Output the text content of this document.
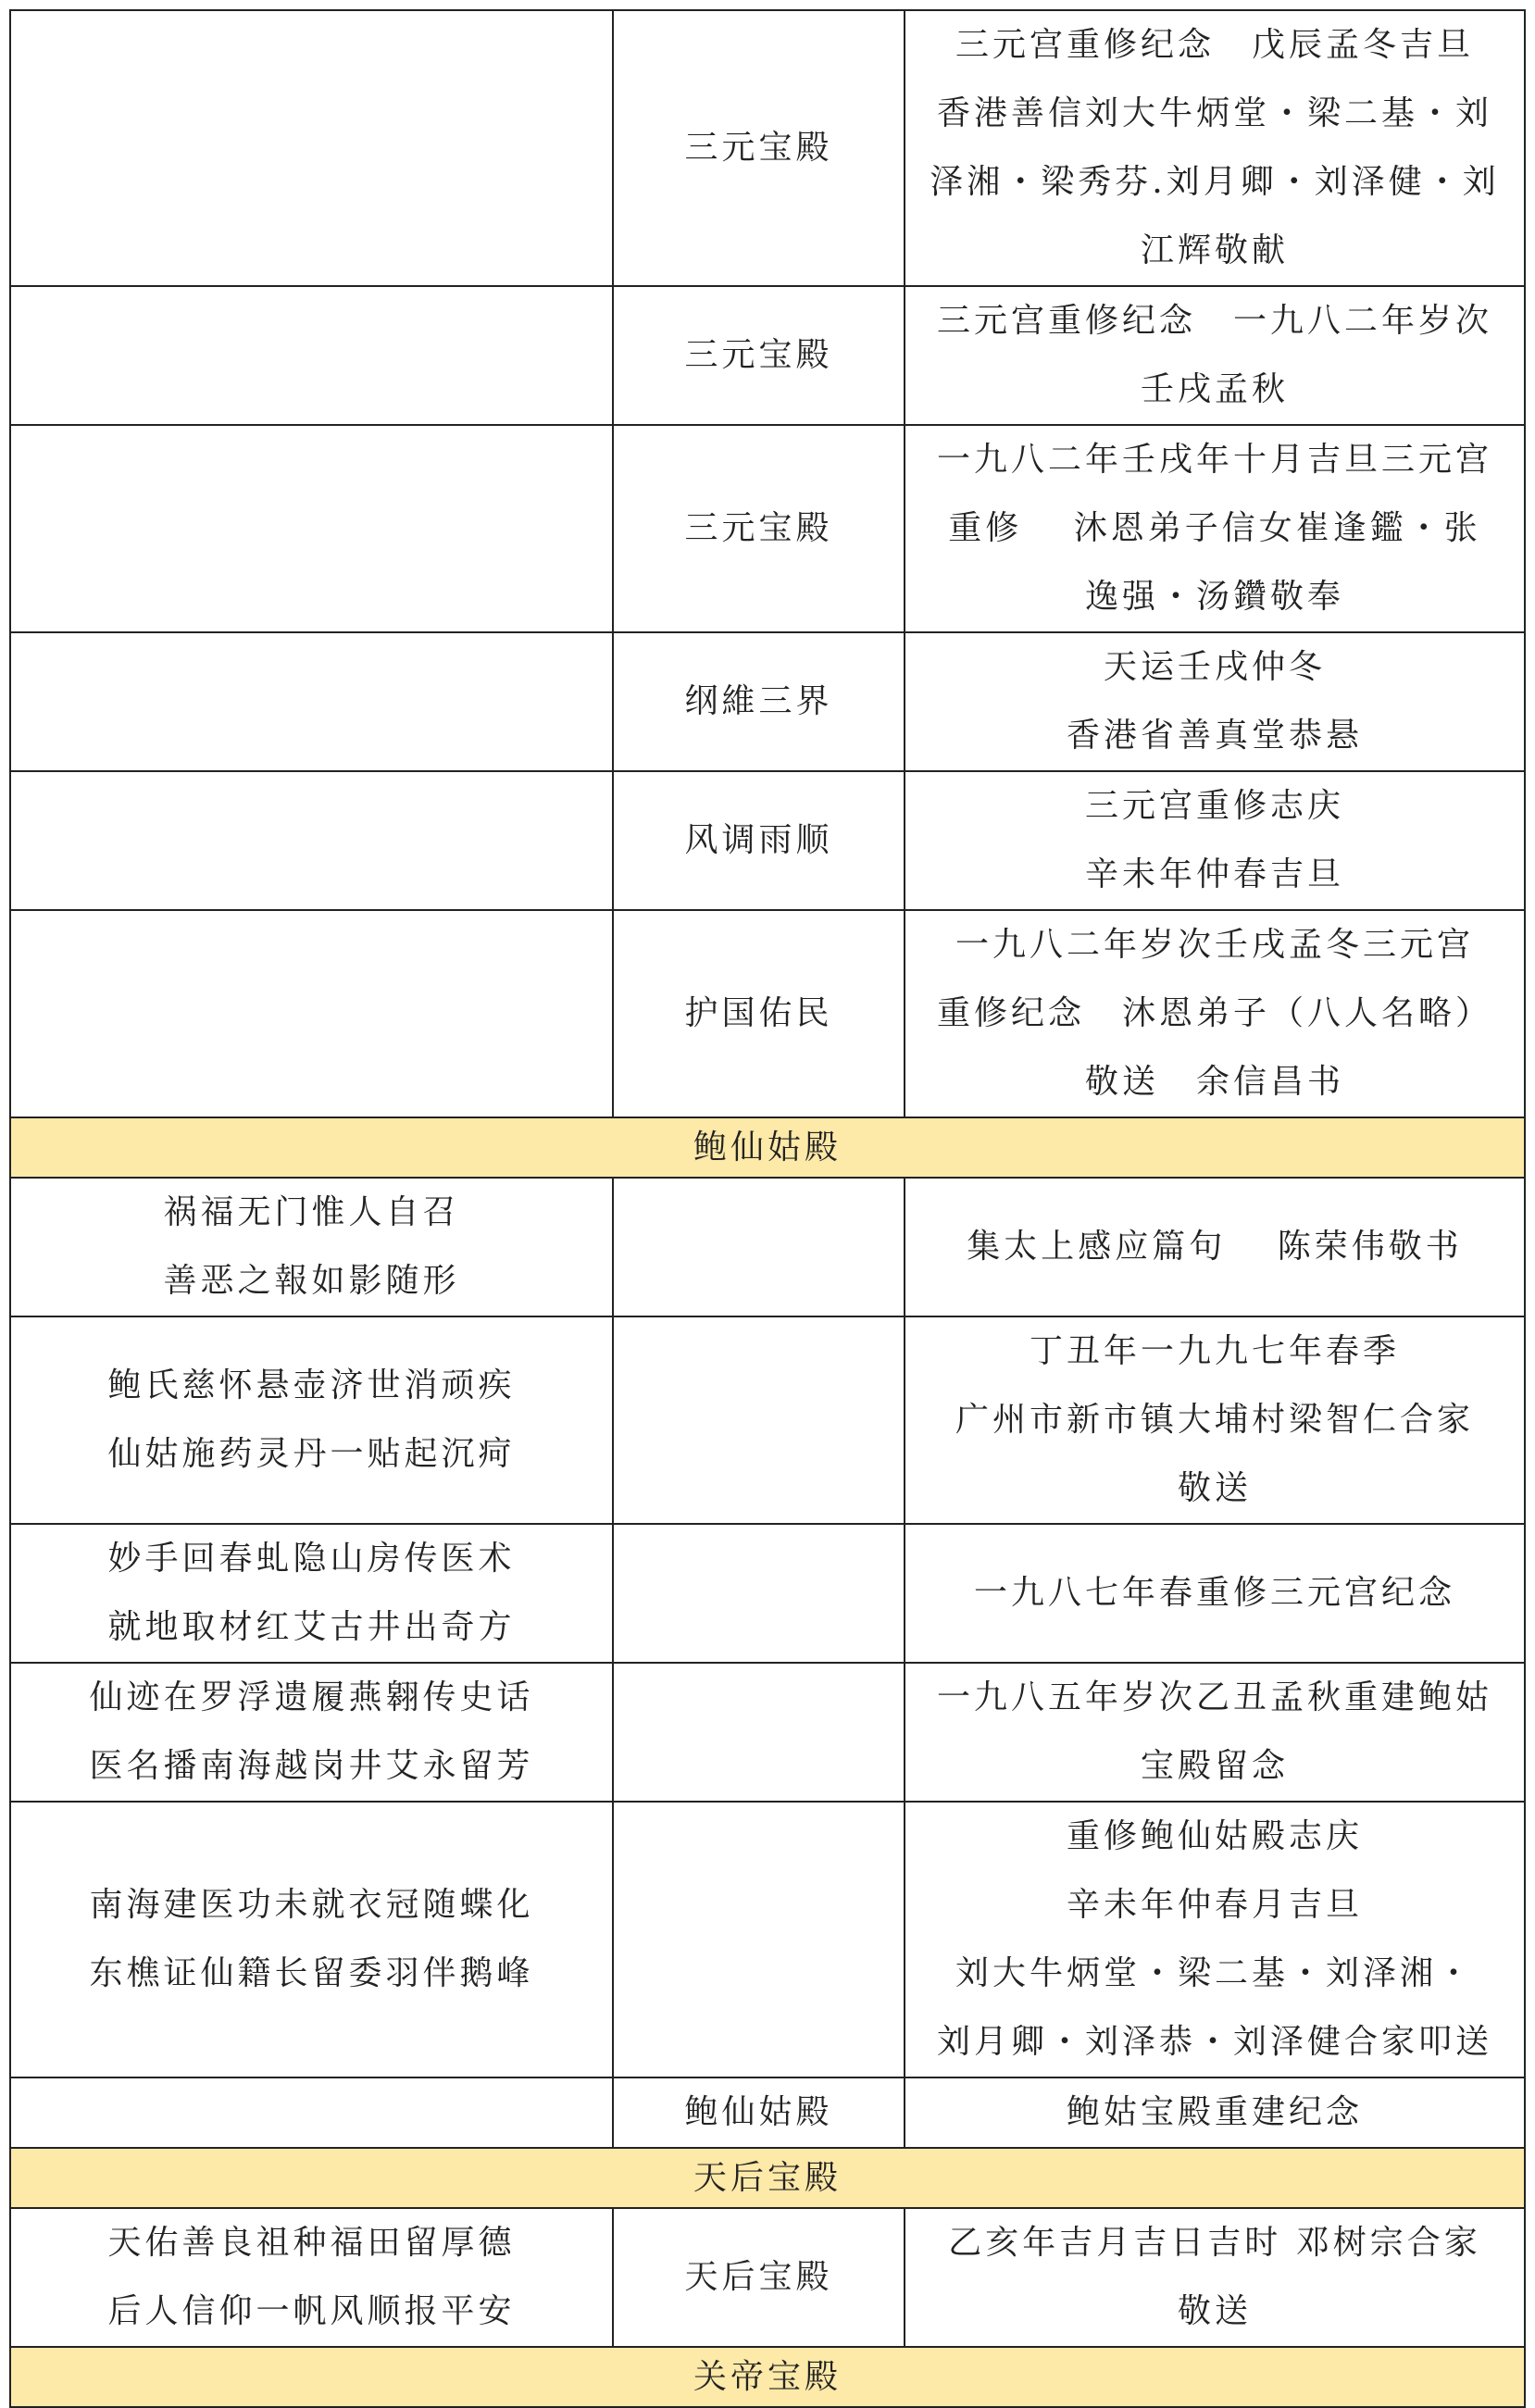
	三元宝殿	三元宫重修纪念　戊辰孟冬吉旦
香港善信刘大牛炳堂・梁二基・刘
泽湘・梁秀芬.刘月卿・刘泽健・刘
江辉敬献

	三元宝殿	三元宫重修纪念　一九八二年岁次
壬戌孟秋

	三元宝殿	一九八二年壬戌年十月吉旦三元宫
重修　 沐恩弟子信女崔逢鑑・张
逸强・汤鑽敬奉

	纲維三界	天运壬戌仲冬
香港省善真堂恭悬

	风调雨顺	三元宫重修志庆
辛未年仲春吉旦

	护国佑民	一九八二年岁次壬戌孟冬三元宫
重修纪念　沐恩弟子（八人名略）
敬送　余信昌书

鲍仙姑殿		

祸福无门惟人自召
善恶之報如影随形		集太上感应篇句　 陈荣伟敬书

鲍氏慈怀悬壶济世消顽疾
仙姑施药灵丹一贴起沉疴		丁丑年一九九七年春季
广州市新市镇大埔村梁智仁合家
敬送

妙手回春虬隐山房传医术
就地取材红艾古井出奇方		一九八七年春重修三元宫纪念

仙迹在罗浮遗履燕翱传史话
医名播南海越岗井艾永留芳		一九八五年岁次乙丑孟秋重建鲍姑
宝殿留念

南海建医功未就衣冠随蝶化
东樵证仙籍长留委羽伴鹅峰		重修鲍仙姑殿志庆
辛未年仲春月吉旦
刘大牛炳堂・梁二基・刘泽湘・
刘月卿・刘泽恭・刘泽健合家叩送

	鲍仙姑殿	鲍姑宝殿重建纪念

天后宝殿		

天佑善良祖种福田留厚德
后人信仰一帆风顺报平安	天后宝殿	乙亥年吉月吉日吉时 邓树宗合家
敬送

关帝宝殿		
